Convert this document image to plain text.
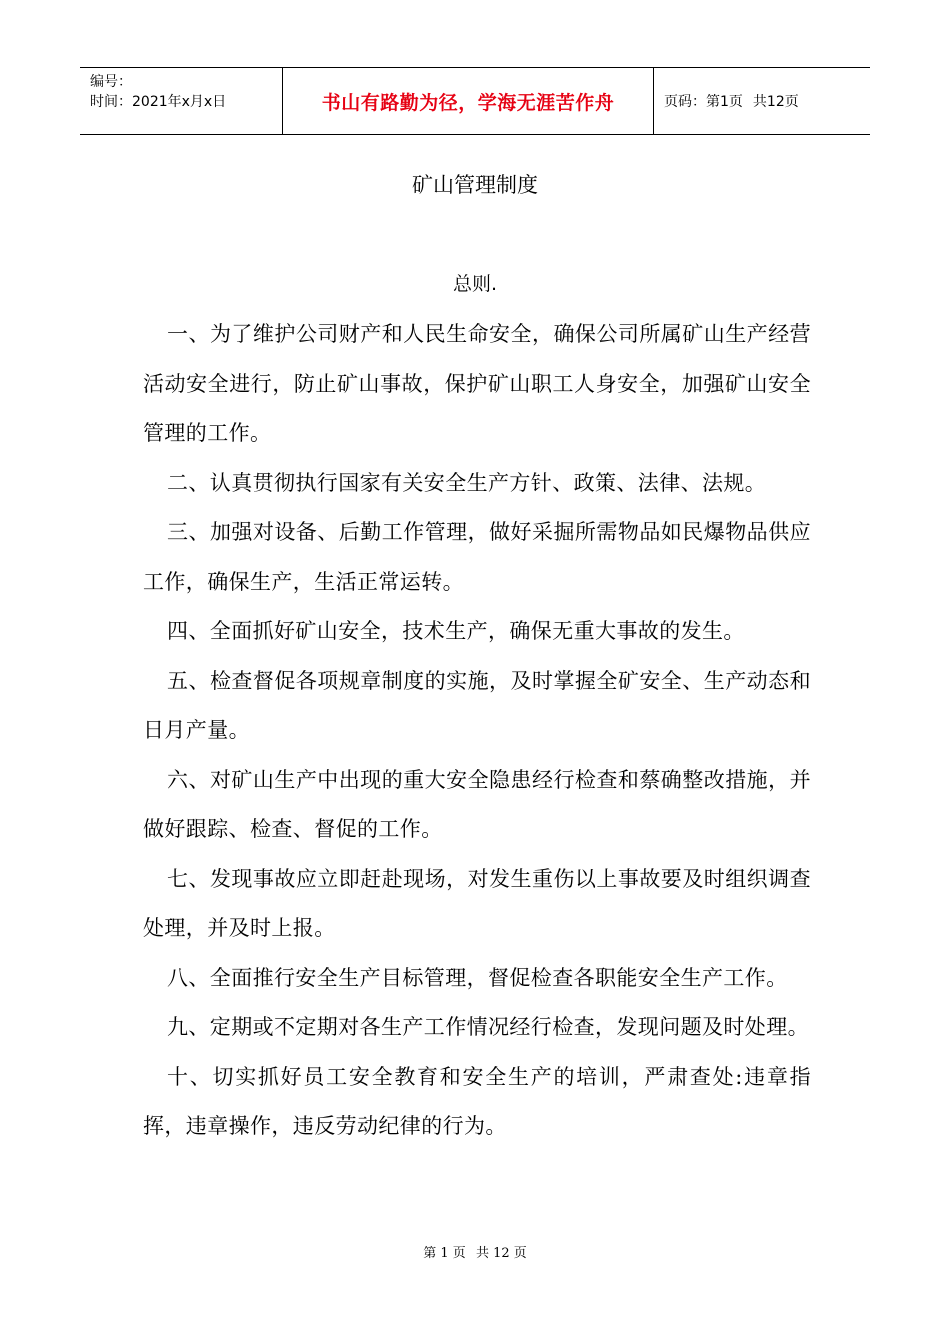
编号：
时间：2021年x月x日	书山有路勤为径，学海无涯苦作舟	页码：第1页 共12页
矿山管理制度
总则.

一、为了维护公司财产和人民生命安全，确保公司所属矿山生产经营活动安全进行，防止矿山事故，保护矿山职工人身安全，加强矿山安全管理的工作。

二、认真贯彻执行国家有关安全生产方针、政策、法律、法规。

三、加强对设备、后勤工作管理，做好采掘所需物品如民爆物品供应工作，确保生产，生活正常运转。

四、全面抓好矿山安全，技术生产，确保无重大事故的发生。

五、检查督促各项规章制度的实施，及时掌握全矿安全、生产动态和日月产量。

六、对矿山生产中出现的重大安全隐患经行检查和蔡确整改措施，并做好跟踪、检查、督促的工作。

七、发现事故应立即赶赴现场，对发生重伤以上事故要及时组织调查处理，并及时上报。

八、全面推行安全生产目标管理，督促检查各职能安全生产工作。

九、定期或不定期对各生产工作情况经行检查，发现问题及时处理。

十、切实抓好员工安全教育和安全生产的培训，严肃查处:违章指挥，违章操作，违反劳动纪律的行为。

第 1 页 共 12 页
